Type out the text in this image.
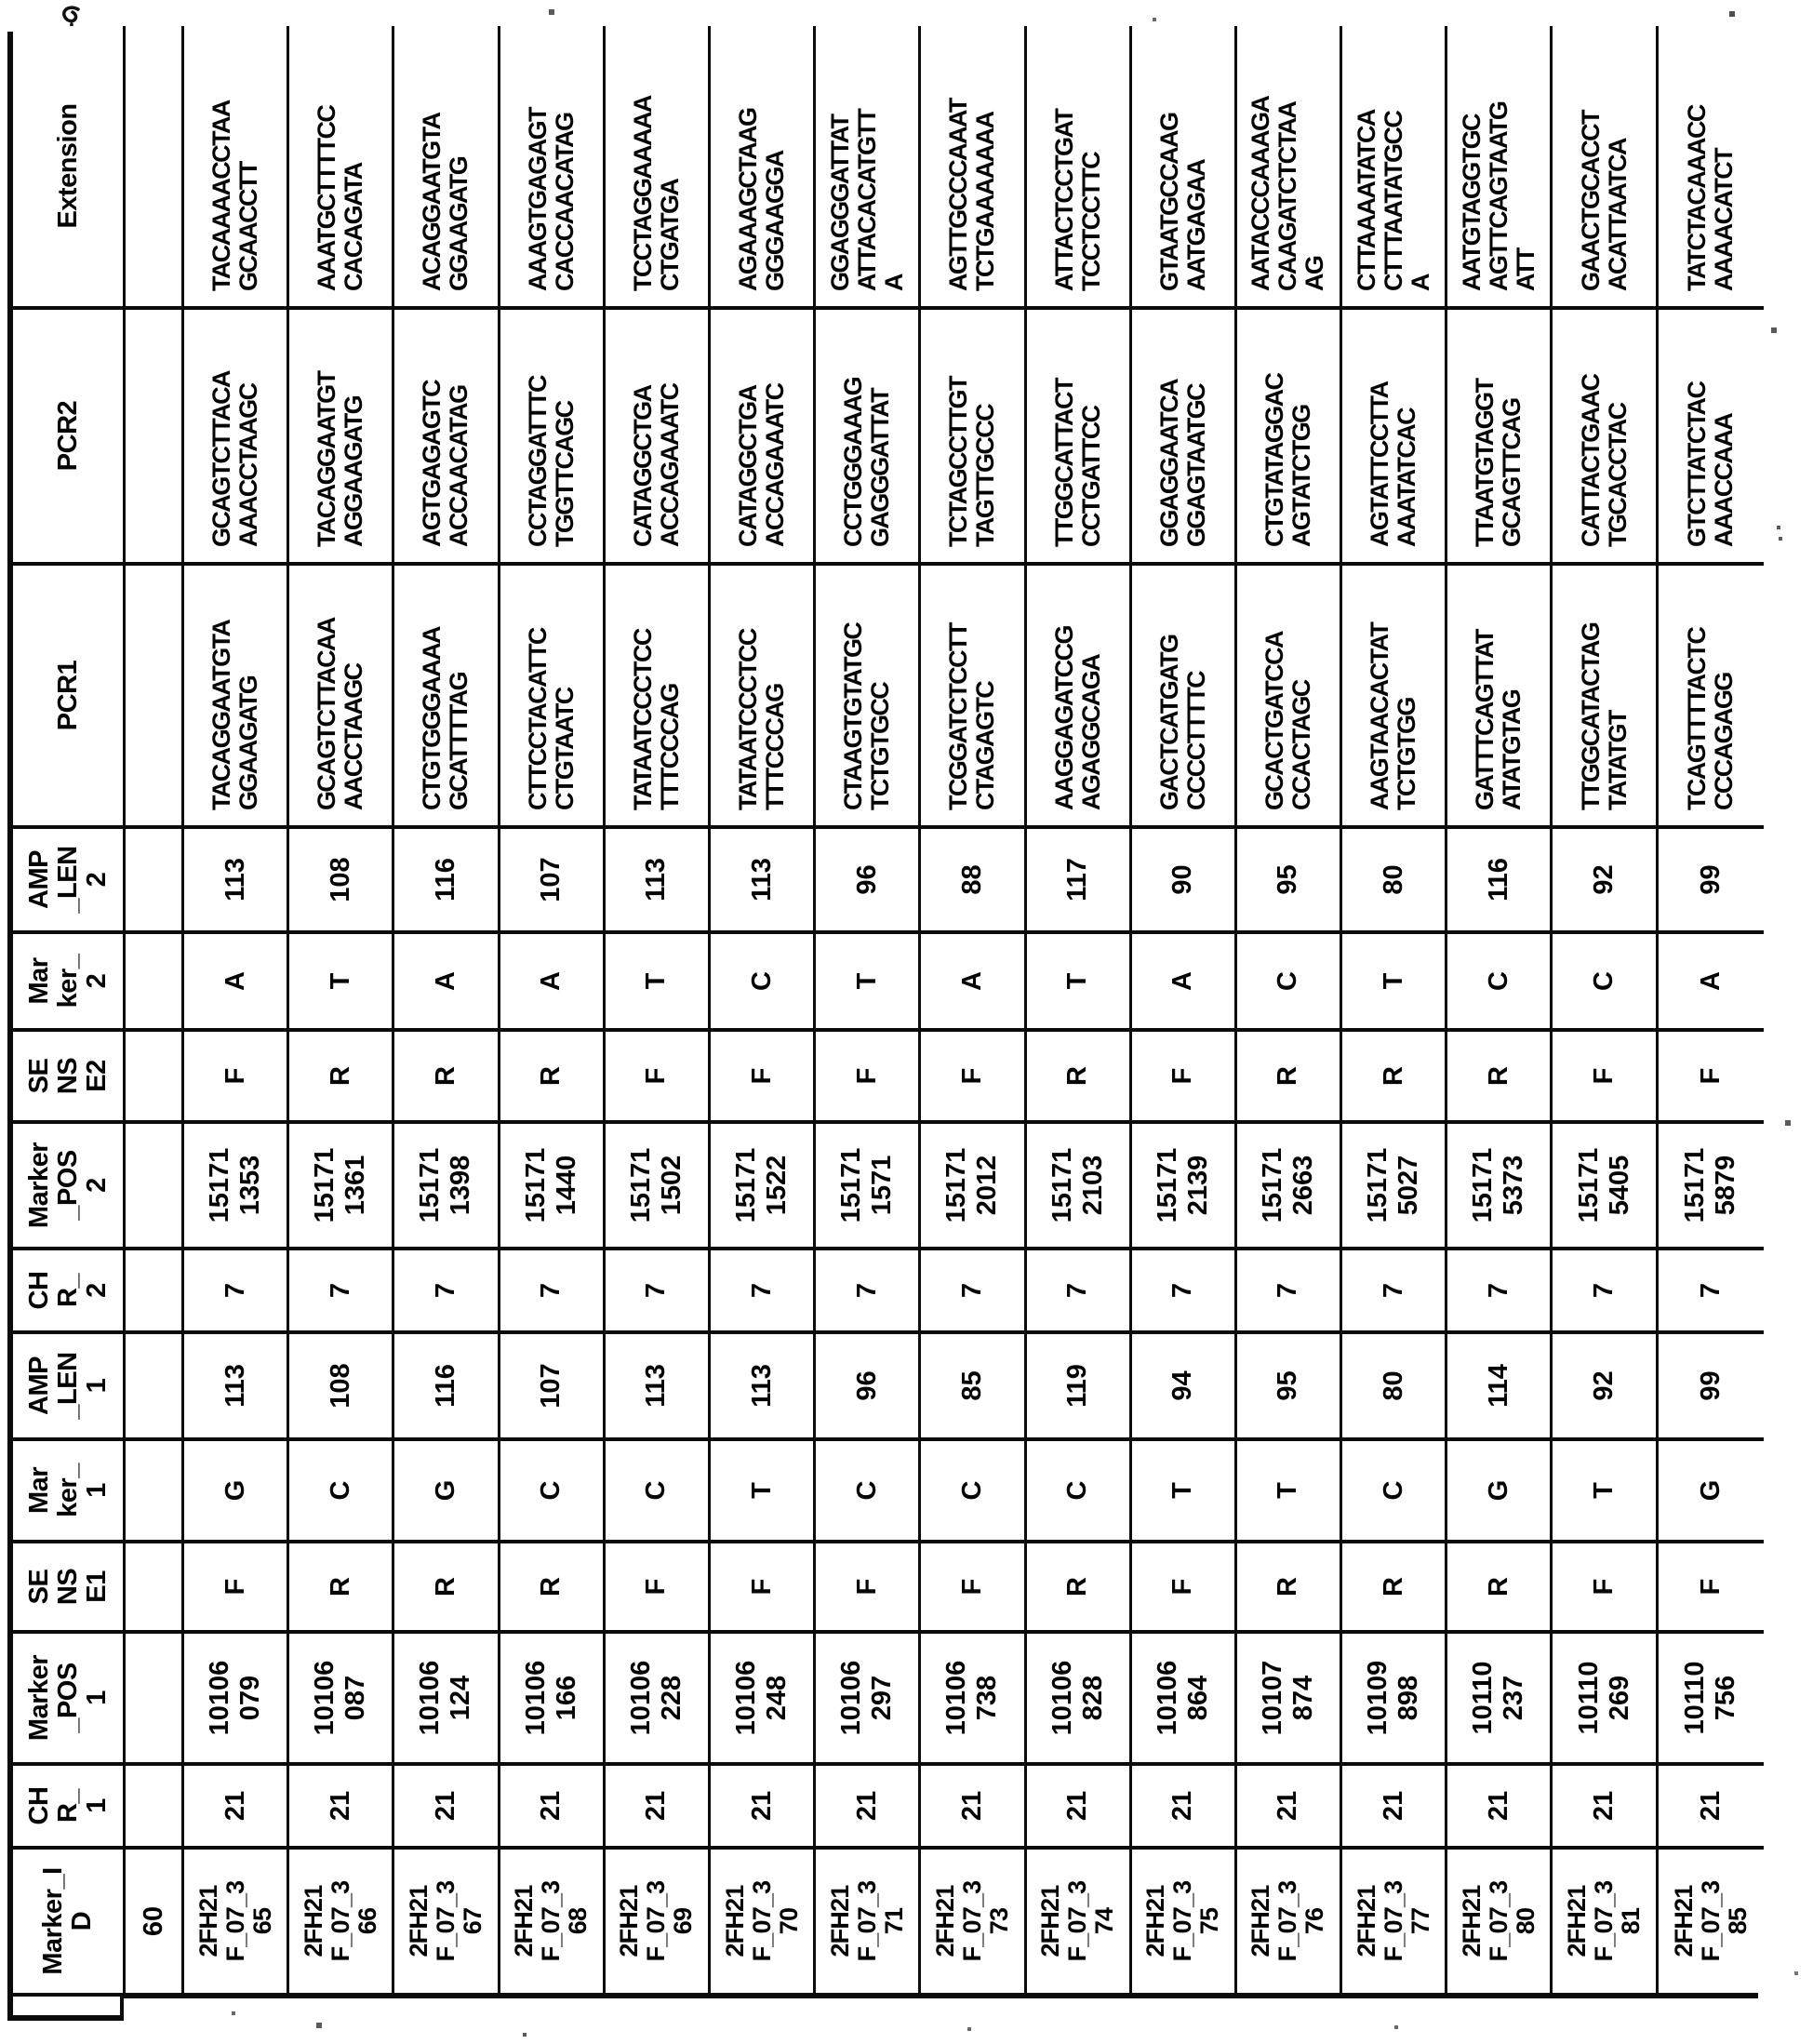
Marker_I D
CH R_ 1
Marker _POS 1
SE NS E1
Mar ker_ 1
AMP _LEN 1
CH R_ 2
Marker _POS 2
SE NS E2
Mar ker_ 2
AMP _LEN 2
PCR1
PCR2
Extension
60 2FH21 F_07_3 65
21
10106 079
F
G
113
7
15171 1353
F
A
113
TACAGGAATGTA GGAAGATG
GCAGTCTTACA AAACCTAAGC
TACAAAACCTAA GCAACCTT
2FH21 F_07_3 66
21
10106 087
R
C
108
7
15171 1361
R
T
108
GCAGTCTTACAA AACCTAAGC
TACAGGAATGT AGGAAGATG
AAATGCTTTTCC CACAGATA
2FH21 F_07_3 67
21
10106 124
R
G
116
7
15171 1398
R
A
116
CTGTGGGAAAA GCATTTTAG
AGTGAGAGTC ACCAACATAG
ACAGGAATGTA GGAAGATG
2FH21 F_07_3 68
21
10106 166
R
C
107
7
15171 1440
R
A
107
CTTCCTACATTC CTGTAATC
CCTAGGATTTC TGGTTCAGC
AAAGTGAGAGT CACCAACATAG
2FH21 F_07_3 69
21
10106 228
F
C
113
7
15171 1502
F
T
113
TATAATCCCTCC TTTCCCAG
CATAGGCTGA ACCAGAAATC
TCCTAGGAAAAA CTGATGA
2FH21 F_07_3 70
21
10106 248
F
T
113
7
15171 1522
F
C
113
TATAATCCCTCC TTTCCCAG
CATAGGCTGA ACCAGAAATC
AGAAAGCTAAG GGGAAGGA
2FH21 F_07_3 71
21
10106 297
F
C
96
7
15171 1571
F
T
96
CTAAGTGTATGC TCTGTGCC
CCTGGGAAAG GAGGGATTAT
GGAGGGATTAT ATTACACATGTT A
2FH21 F_07_3 73
21
10106 738
F
C
85
7
15171 2012
F
A
88
TCGGATCTCCTT CTAGAGTC
TCTAGCCTTGT TAGTTGCCC
AGTTGCCCAAAT TCTGAAAAAAA
2FH21 F_07_3 74
21
10106 828
R
C
119
7
15171 2103
R
T
117
AAGGAGATCCG AGAGGCAGA
TTGGCATTACT CCTGATTCC
ATTACTCCTGAT TCCTCCTTC
2FH21 F_07_3 75
21
10106 864
F
T
94
7
15171 2139
F
A
90
GACTCATGATG CCCCTTTTC
GGAGGAATCA GGAGTAATGC
GTAATGCCAAG AATGAGAA
2FH21 F_07_3 76
21
10107 874
R
T
95
7
15171 2663
R
C
95
GCACTGATCCA CCACTAGC
CTGTATAGGAC AGTATCTGG
AATACCCAAAGA CAAGATCTCTAA AG
2FH21 F_07_3 77
21
10109 898
R
C
80
7
15171 5027
R
T
80
AAGTAACACTAT TCTGTGG
AGTATTCCTTA AAATATCAC
CTTAAAATATCA CTTTAATATGCC A
2FH21 F_07_3 80
21
10110 237
R
G
114
7
15171 5373
R
C
116
GATTTCAGTTAT ATATGTAG
TTAATGTAGGT GCAGTTCAG
AATGTAGGTGC AGTTCAGTAATG ATT
2FH21 F_07_3 81
21
10110 269
F
T
92
7
15171 5405
F
C
92
TTGGCATACTAG TATATGT
CATTACTGAAC TGCACCTAC
GAACTGCACCT ACATTAATCA
2FH21 F_07_3 85
21
10110 756
F
G
99
7
15171 5879
F
A
99
TCAGTTTTACTC CCCAGAGG
GTCTTATCTAC AAACCAAA
TATCTACAAACC AAAACATCT
